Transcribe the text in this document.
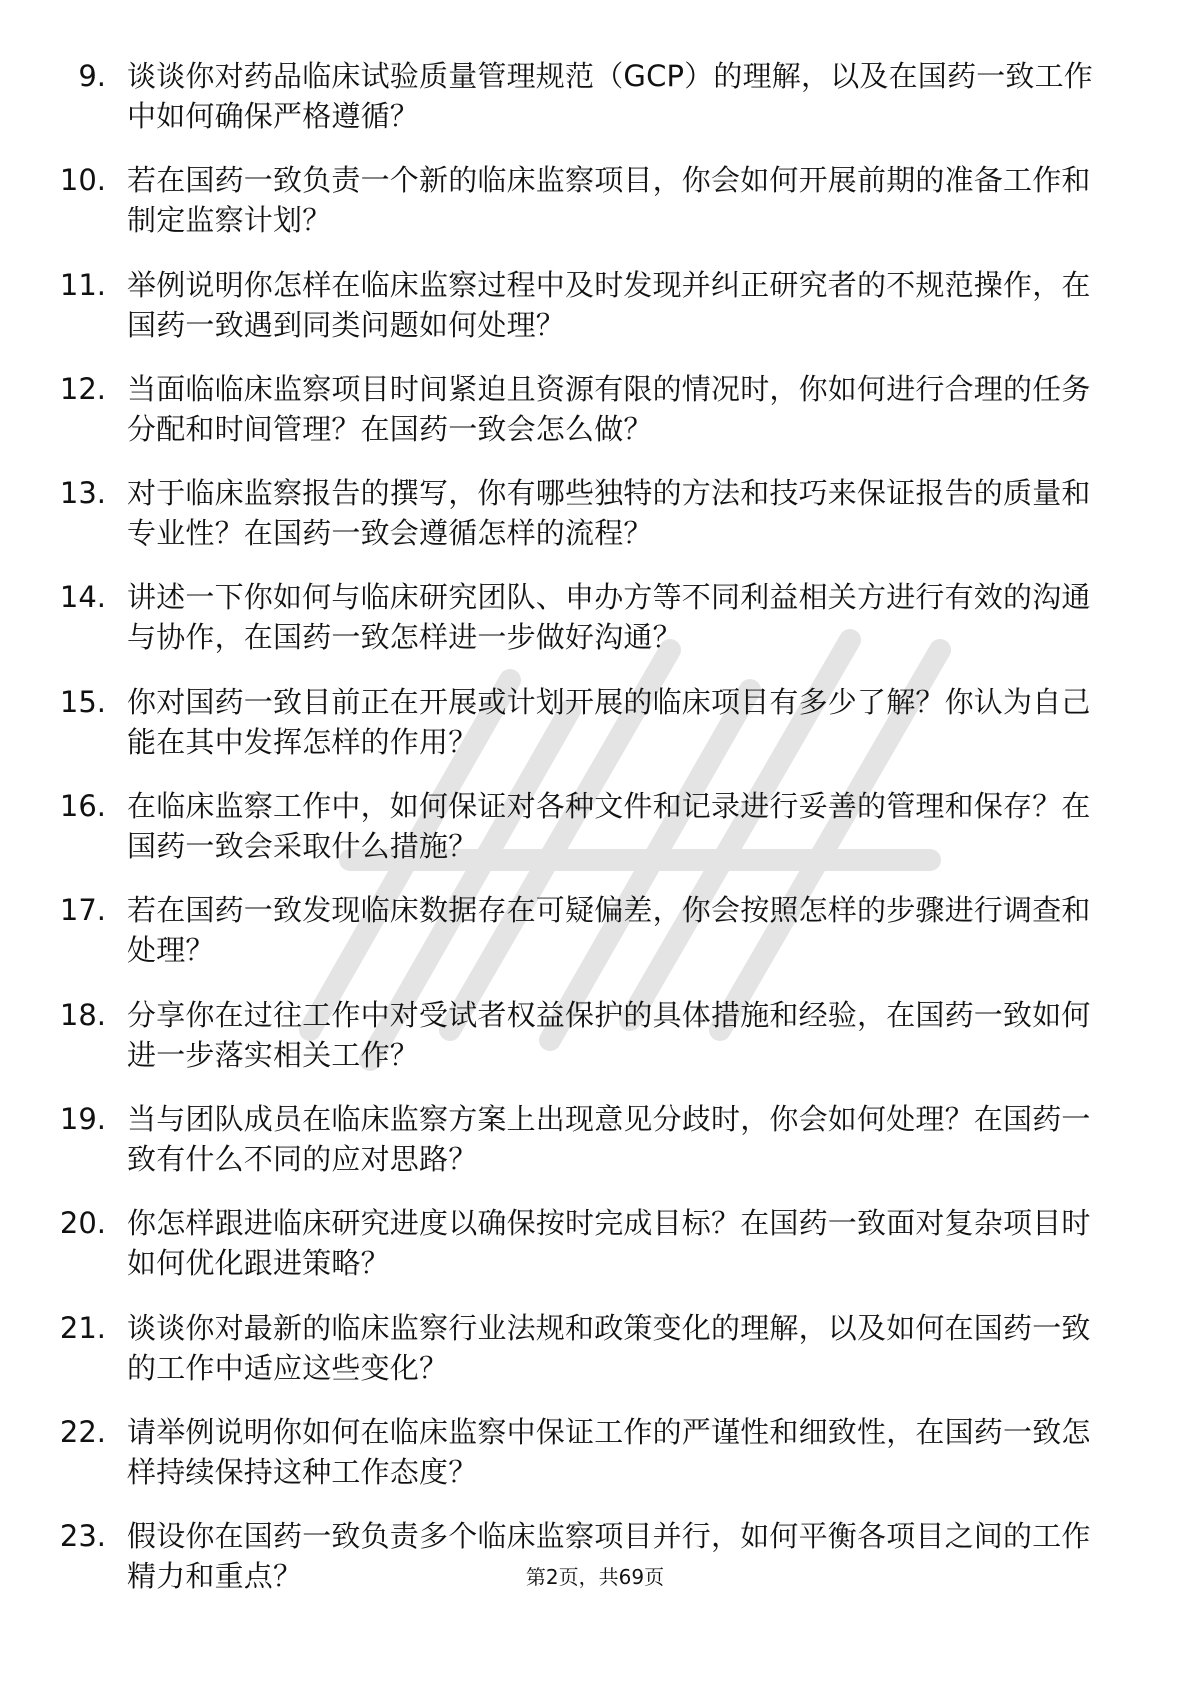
9. 谈谈你对药品临床试验质量管理规范（GCP）的理解，以及在国药一致工作中如何确保严格遵循？
10. 若在国药一致负责一个新的临床监察项目，你会如何开展前期的准备工作和制定监察计划？
11. 举例说明你怎样在临床监察过程中及时发现并纠正研究者的不规范操作，在国药一致遇到同类问题如何处理？
12. 当面临临床监察项目时间紧迫且资源有限的情况时，你如何进行合理的任务分配和时间管理？在国药一致会怎么做？
13. 对于临床监察报告的撰写，你有哪些独特的方法和技巧来保证报告的质量和专业性？在国药一致会遵循怎样的流程？
14. 讲述一下你如何与临床研究团队、申办方等不同利益相关方进行有效的沟通与协作，在国药一致怎样进一步做好沟通？
15. 你对国药一致目前正在开展或计划开展的临床项目有多少了解？你认为自己能在其中发挥怎样的作用？
16. 在临床监察工作中，如何保证对各种文件和记录进行妥善的管理和保存？在国药一致会采取什么措施？
17. 若在国药一致发现临床数据存在可疑偏差，你会按照怎样的步骤进行调查和处理？
18. 分享你在过往工作中对受试者权益保护的具体措施和经验，在国药一致如何进一步落实相关工作？
19. 当与团队成员在临床监察方案上出现意见分歧时，你会如何处理？在国药一致有什么不同的应对思路？
20. 你怎样跟进临床研究进度以确保按时完成目标？在国药一致面对复杂项目时如何优化跟进策略？
21. 谈谈你对最新的临床监察行业法规和政策变化的理解，以及如何在国药一致的工作中适应这些变化？
22. 请举例说明你如何在临床监察中保证工作的严谨性和细致性，在国药一致怎样持续保持这种工作态度？
23. 假设你在国药一致负责多个临床监察项目并行，如何平衡各项目之间的工作精力和重点？	第2页，共69页
